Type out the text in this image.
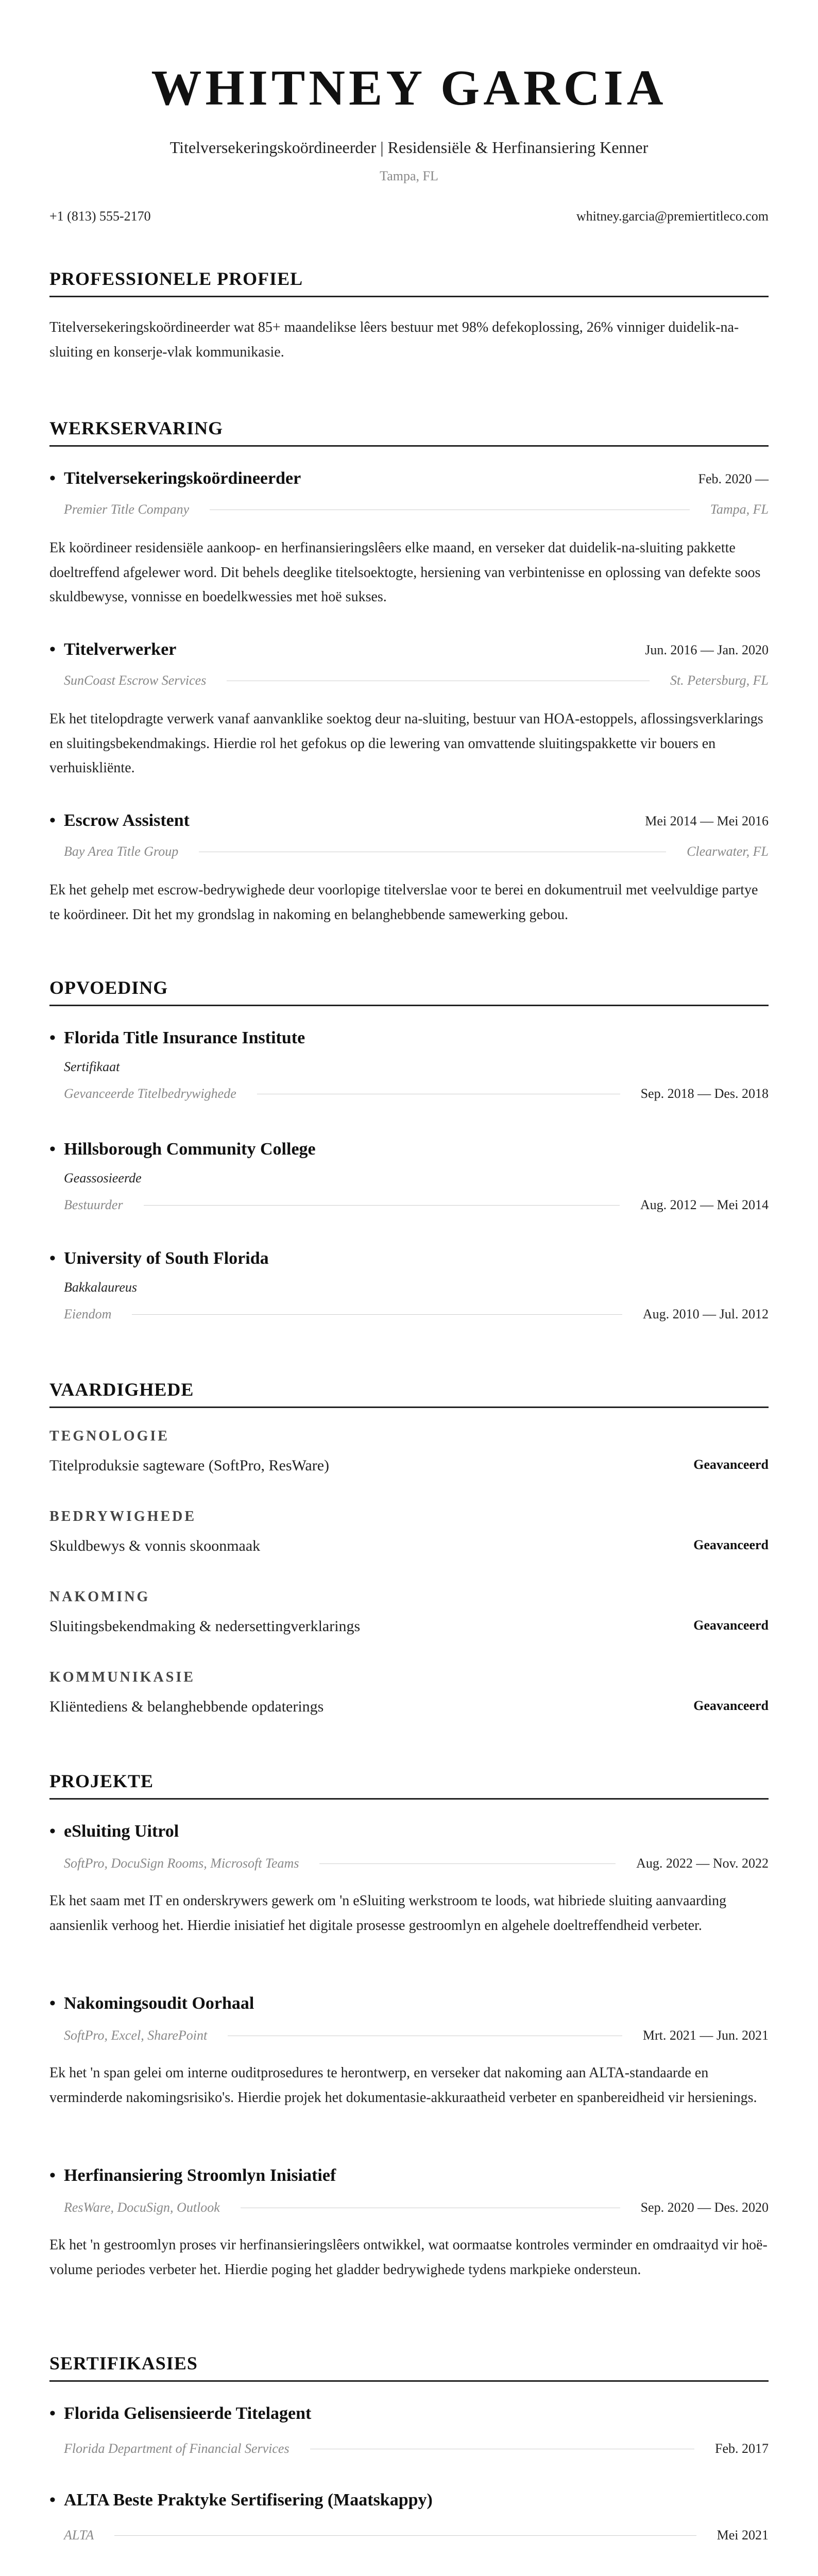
WHITNEY GARCIA
Titelversekeringskoördineerder | Residensiële & Herfinansiering Kenner
Tampa, FL
+1 (813) 555-2170	whitney.garcia@premiertitleco.com
PROFESSIONELE PROFIEL
Titelversekeringskoördineerder wat 85+ maandelikse lêers bestuur met 98% defekoplossing, 26% vinniger duidelik-na-sluiting en konserje-vlak kommunikasie.
WERKSERVARING
• Titelversekeringskoördineerder	Feb. 2020 —
Premier Title Company	Tampa, FL
Ek koördineer residensiële aankoop- en herfinansieringslêers elke maand, en verseker dat duidelik-na-sluiting pakkette doeltreffend afgelewer word. Dit behels deeglike titelsoektogte, hersiening van verbintenisse en oplossing van defekte soos skuldbewyse, vonnisse en boedelkwessies met hoë sukses.
• Titelverwerker	Jun. 2016 — Jan. 2020
SunCoast Escrow Services	St. Petersburg, FL
Ek het titelopdragte verwerk vanaf aanvanklike soektog deur na-sluiting, bestuur van HOA-estoppels, aflossingsverklarings en sluitingsbekendmakings. Hierdie rol het gefokus op die lewering van omvattende sluitingspakkette vir bouers en verhuiskliënte.
• Escrow Assistent	Mei 2014 — Mei 2016
Bay Area Title Group	Clearwater, FL
Ek het gehelp met escrow-bedrywighede deur voorlopige titelverslae voor te berei en dokumentruil met veelvuldige partye te koördineer. Dit het my grondslag in nakoming en belanghebbende samewerking gebou.
OPVOEDING
• Florida Title Insurance Institute
Sertifikaat
Gevanceerde Titelbedrywighede	Sep. 2018 — Des. 2018
• Hillsborough Community College
Geassosieerde
Bestuurder	Aug. 2012 — Mei 2014
• University of South Florida
Bakkalaureus
Eiendom	Aug. 2010 — Jul. 2012
VAARDIGHEDE
TEGNOLOGIE
Titelproduksie sagteware (SoftPro, ResWare)	Geavanceerd
BEDRYWIGHEDE
Skuldbewys & vonnis skoonmaak	Geavanceerd
NAKOMING
Sluitingsbekendmaking & nedersettingverklarings	Geavanceerd
KOMMUNIKASIE
Kliëntediens & belanghebbende opdaterings	Geavanceerd
PROJEKTE
• eSluiting Uitrol
SoftPro, DocuSign Rooms, Microsoft Teams	Aug. 2022 — Nov. 2022
Ek het saam met IT en onderskrywers gewerk om 'n eSluiting werkstroom te loods, wat hibriede sluiting aanvaarding aansienlik verhoog het. Hierdie inisiatief het digitale prosesse gestroomlyn en algehele doeltreffendheid verbeter.
• Nakomingsoudit Oorhaal
SoftPro, Excel, SharePoint	Mrt. 2021 — Jun. 2021
Ek het 'n span gelei om interne ouditprosedures te herontwerp, en verseker dat nakoming aan ALTA-standaarde en verminderde nakomingsrisiko's. Hierdie projek het dokumentasie-akkuraatheid verbeter en spanbereidheid vir hersienings.
• Herfinansiering Stroomlyn Inisiatief
ResWare, DocuSign, Outlook	Sep. 2020 — Des. 2020
Ek het 'n gestroomlyn proses vir herfinansieringslêers ontwikkel, wat oormaatse kontroles verminder en omdraaityd vir hoë-volume periodes verbeter het. Hierdie poging het gladder bedrywighede tydens markpieke ondersteun.
SERTIFIKASIES
• Florida Gelisensieerde Titelagent
Florida Department of Financial Services	Feb. 2017
• ALTA Beste Praktyke Sertifisering (Maatskappy)
ALTA	Mei 2021
